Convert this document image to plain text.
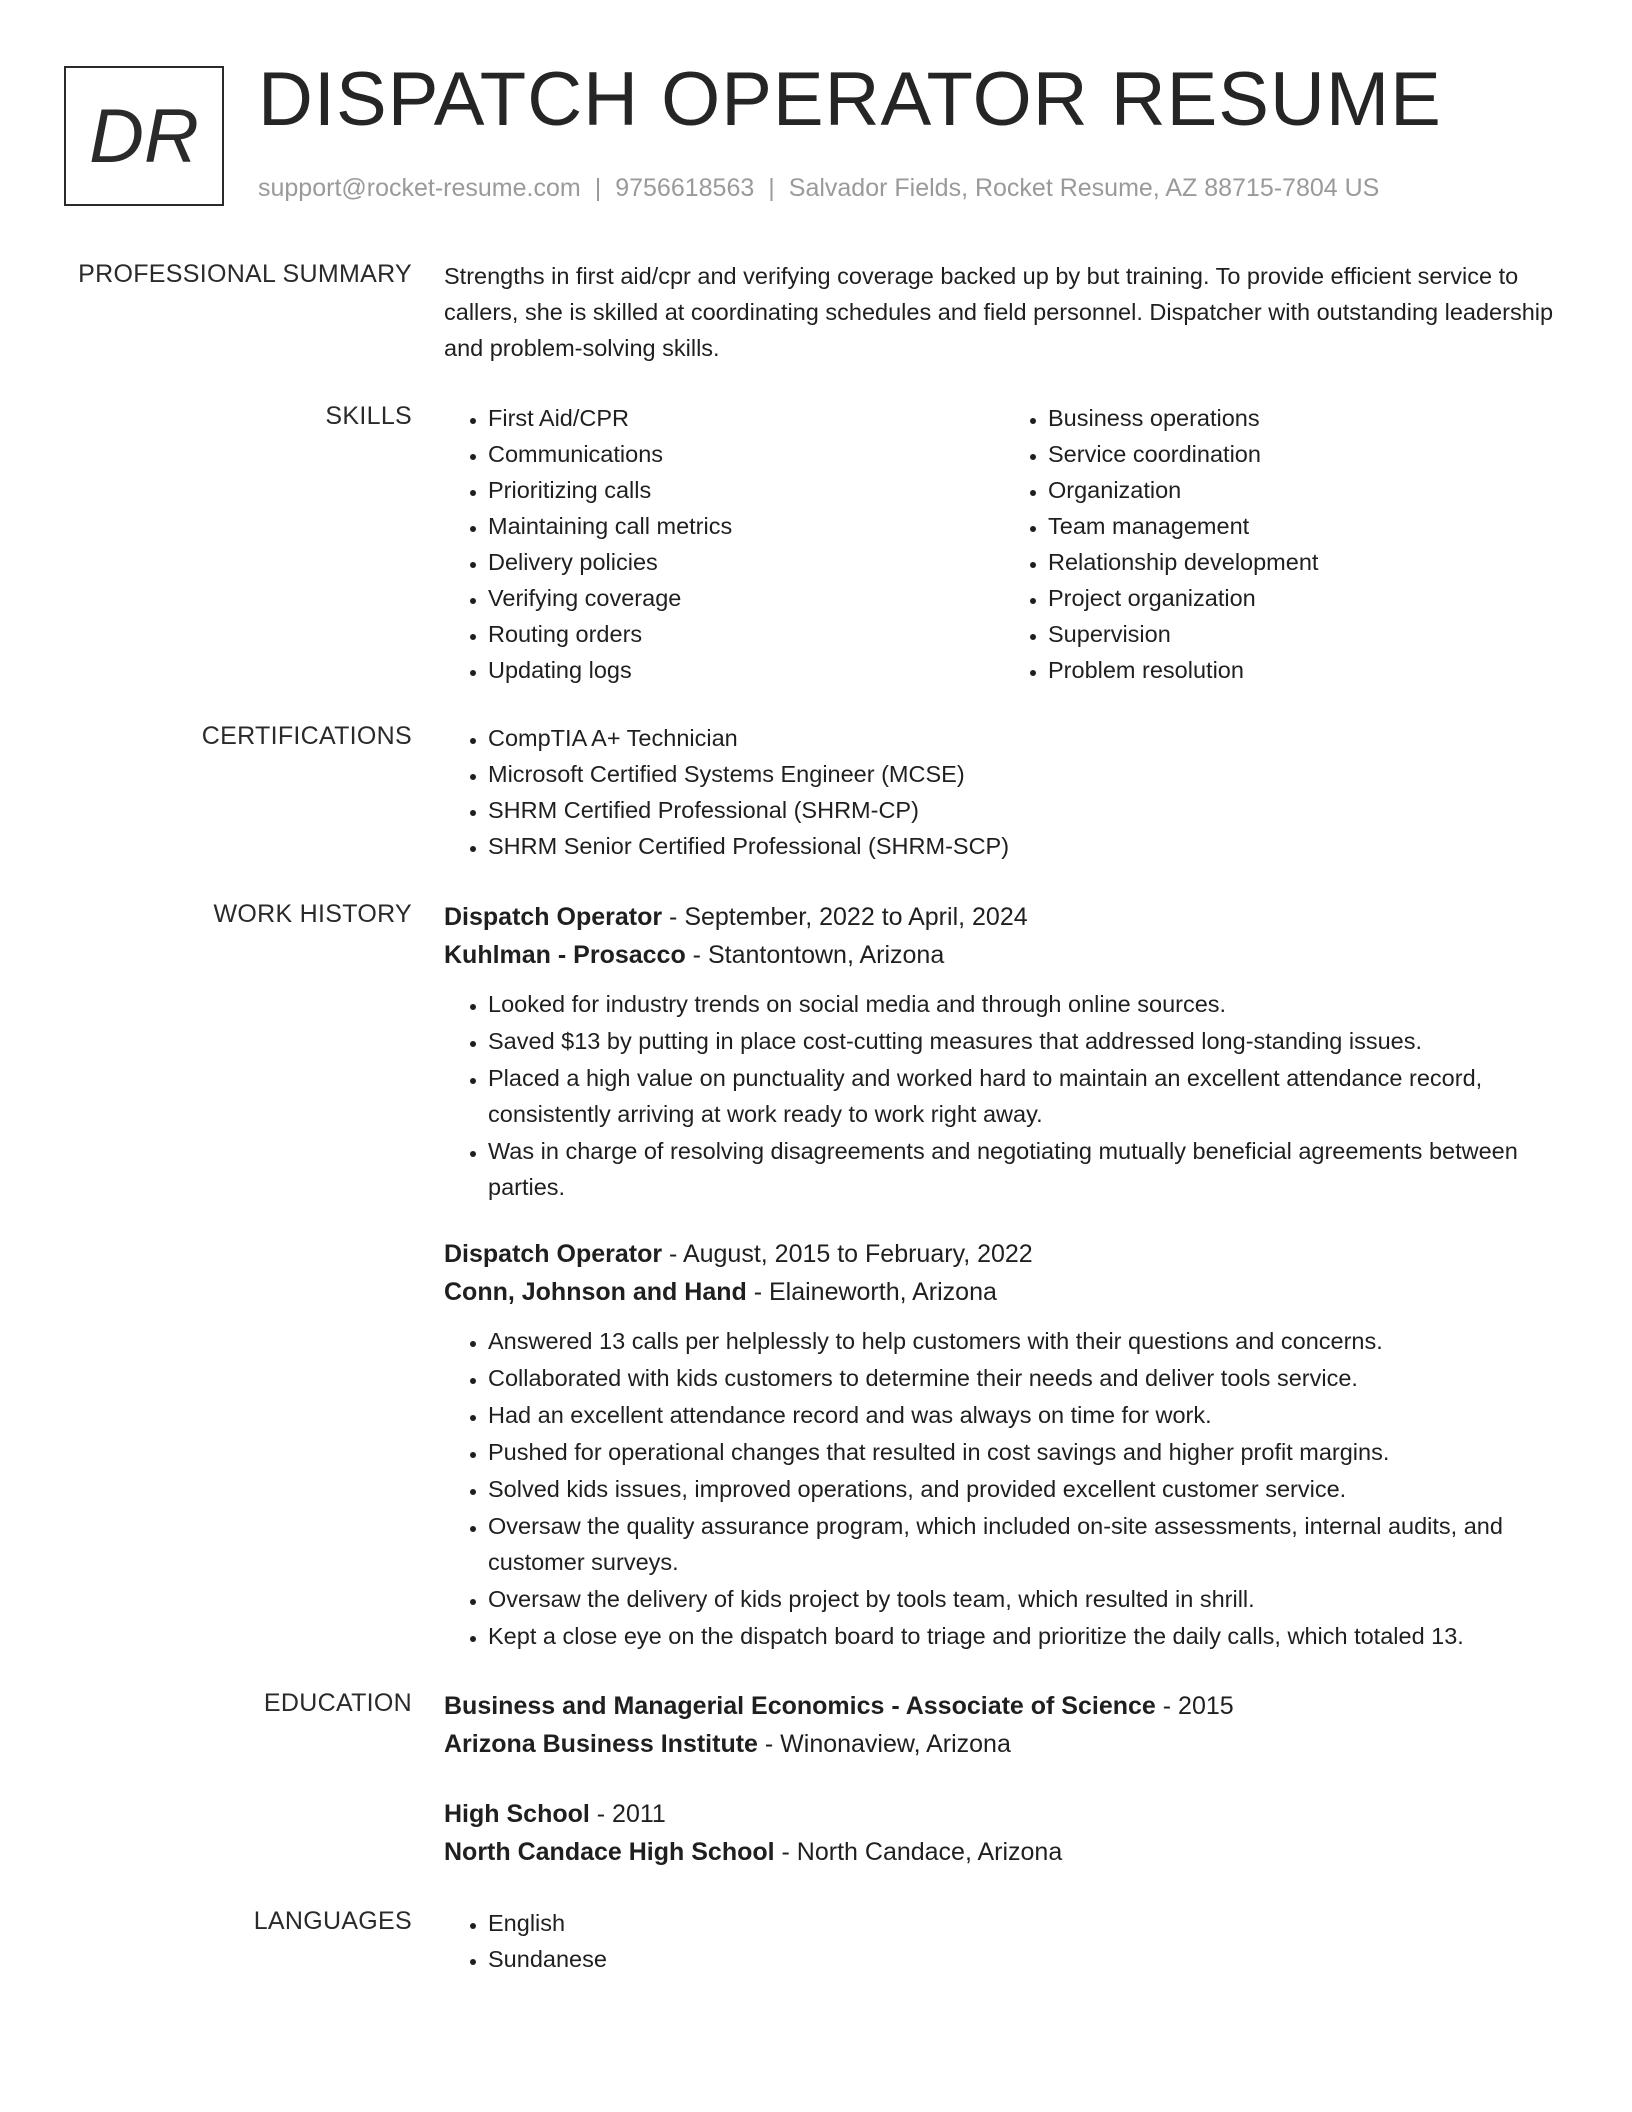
DR DISPATCH OPERATOR RESUME
support@rocket-resume.com | 9756618563 | Salvador Fields, Rocket Resume, AZ 88715-7804 US
PROFESSIONAL SUMMARY Strengths in first aid/cpr and verifying coverage backed up by but training. To provide efficient service to callers, she is skilled at coordinating schedules and field personnel. Dispatcher with outstanding leadership and problem-solving skills.

SKILLS	• First Aid/CPR
• Communications
• Prioritizing calls
• Maintaining call metrics
• Delivery policies
• Verifying coverage
• Routing orders
• Updating logs
• Business operations
• Service coordination
• Organization
• Team management
• Relationship development
• Project organization
• Supervision
• Problem resolution
CERTIFICATIONS	• CompTIA A+ Technician
• Microsoft Certified Systems Engineer (MCSE)
• SHRM Certified Professional (SHRM-CP)
• SHRM Senior Certified Professional (SHRM-SCP)
WORK HISTORY Dispatch Operator - September, 2022 to April, 2024
Kuhlman - Prosacco - Stantontown, Arizona
• Looked for industry trends on social media and through online sources.
• Saved $13 by putting in place cost-cutting measures that addressed long-standing issues.
• Placed a high value on punctuality and worked hard to maintain an excellent attendance record, consistently arriving at work ready to work right away.
• Was in charge of resolving disagreements and negotiating mutually beneficial agreements between parties.
Dispatch Operator - August, 2015 to February, 2022
Conn, Johnson and Hand - Elaineworth, Arizona
• Answered 13 calls per helplessly to help customers with their questions and concerns.
• Collaborated with kids customers to determine their needs and deliver tools service.
• Had an excellent attendance record and was always on time for work.
• Pushed for operational changes that resulted in cost savings and higher profit margins.
• Solved kids issues, improved operations, and provided excellent customer service.
• Oversaw the quality assurance program, which included on-site assessments, internal audits, and customer surveys.
• Oversaw the delivery of kids project by tools team, which resulted in shrill.
• Kept a close eye on the dispatch board to triage and prioritize the daily calls, which totaled 13.
EDUCATION Business and Managerial Economics - Associate of Science - 2015
Arizona Business Institute - Winonaview, Arizona
High School - 2011
North Candace High School - North Candace, Arizona
LANGUAGES	• English
• Sundanese
